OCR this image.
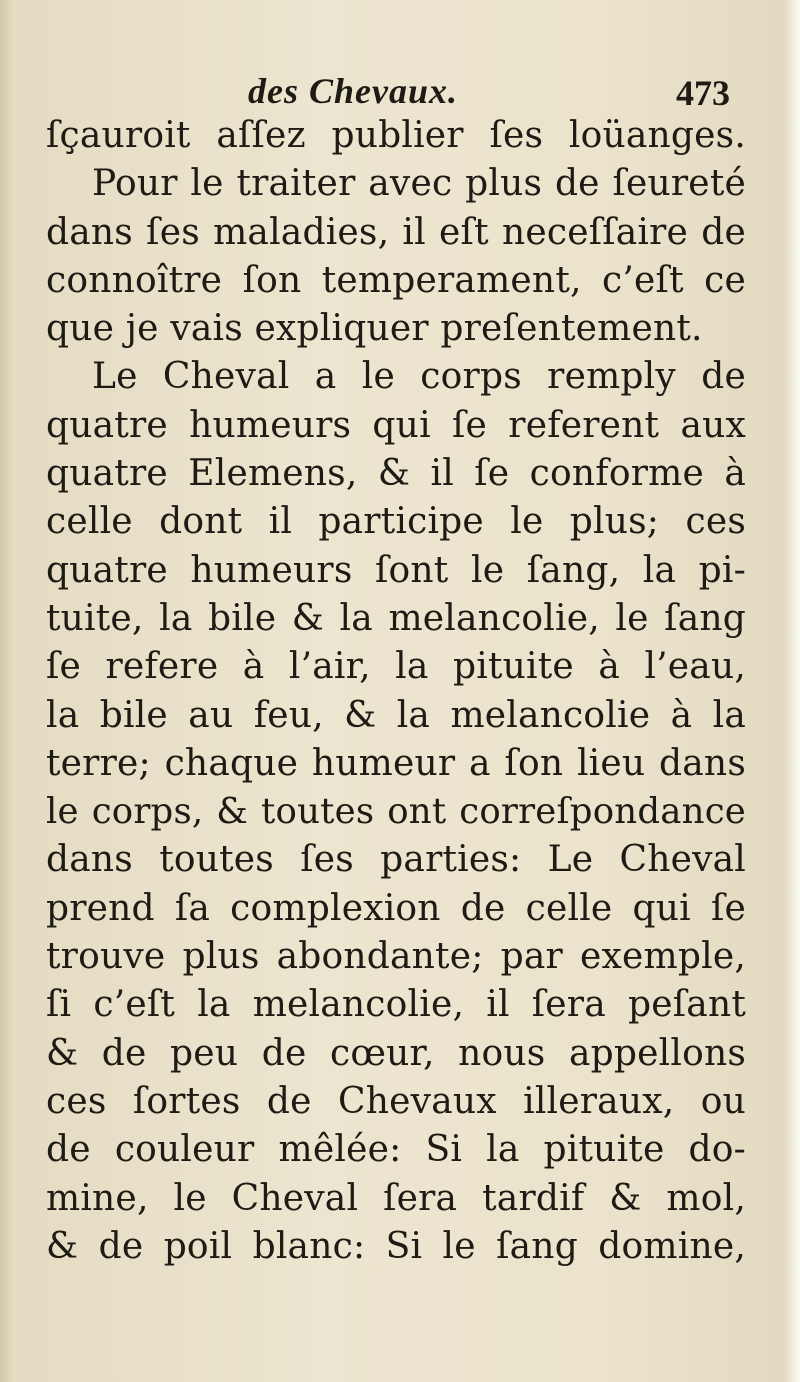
des Chevaux.	473
ſçauroit aſſez publier ſes loüanges.
Pour le traiter avec plus de ſeureté
dans ſes maladies, il eſt neceſſaire de
connoître ſon temperament, c’eſt ce
que je vais expliquer preſentement.
Le Cheval a le corps remply de
quatre humeurs qui ſe referent aux
quatre Elemens, & il ſe conforme à
celle dont il participe le plus; ces
quatre humeurs ſont le ſang, la pi-
tuite, la bile & la melancolie, le ſang
ſe refere à l’air, la pituite à l’eau,
la bile au feu, & la melancolie à la
terre; chaque humeur a ſon lieu dans
le corps, & toutes ont correſpondance
dans toutes ſes parties: Le Cheval
prend ſa complexion de celle qui ſe
trouve plus abondante; par exemple,
ſi c’eſt la melancolie, il ſera peſant
& de peu de cœur, nous appellons
ces ſortes de Chevaux illeraux, ou
de couleur mêlée: Si la pituite do-
mine, le Cheval ſera tardif & mol,
& de poil blanc: Si le ſang domine,
